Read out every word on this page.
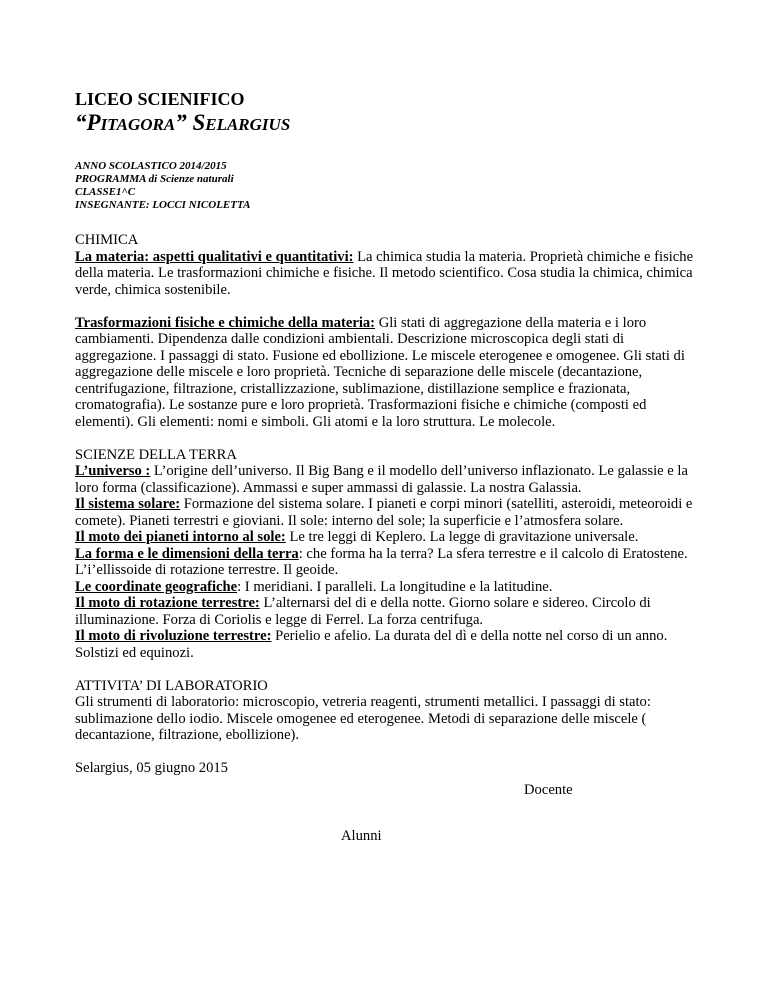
LICEO SCIENIFICO
“PITAGORA” SELARGIUS
ANNO SCOLASTICO 2014/2015
PROGRAMMA di Scienze naturali
CLASSE1^C
INSEGNANTE: LOCCI NICOLETTA
CHIMICA

La materia: aspetti qualitativi e quantitativi: La chimica studia la materia. Proprietà chimiche e fisiche della materia. Le trasformazioni chimiche e fisiche. Il metodo scientifico. Cosa studia la chimica, chimica verde, chimica sostenibile.

Trasformazioni fisiche e chimiche della materia: Gli stati di aggregazione della materia e i loro cambiamenti. Dipendenza dalle condizioni ambientali. Descrizione microscopica degli stati di aggregazione. I passaggi di stato. Fusione ed ebollizione. Le miscele eterogenee e omogenee. Gli stati di aggregazione delle miscele e loro proprietà. Tecniche di separazione delle miscele (decantazione, centrifugazione, filtrazione, cristallizzazione, sublimazione, distillazione semplice e frazionata, cromatografia). Le sostanze pure e loro proprietà. Trasformazioni fisiche e chimiche (composti ed elementi). Gli elementi: nomi e simboli. Gli atomi e la loro struttura. Le molecole.

SCIENZE DELLA TERRA

L’universo : L’origine dell’universo. Il Big Bang e il modello dell’universo inflazionato. Le galassie e la loro forma (classificazione). Ammassi e super ammassi di galassie. La nostra Galassia.

Il sistema solare: Formazione del sistema solare. I pianeti e corpi minori (satelliti, asteroidi, meteoroidi e comete). Pianeti terrestri e gioviani. Il sole: interno del sole; la superficie e l’atmosfera solare.

Il moto dei pianeti intorno al sole: Le tre leggi di Keplero. La legge di gravitazione universale.

La forma e le dimensioni della terra: che forma ha la terra? La sfera terrestre e il calcolo di Eratostene. L’i’ellissoide di rotazione terrestre. Il geoide.

Le coordinate geografiche: I meridiani. I paralleli. La longitudine e la latitudine.

Il moto di rotazione terrestre: L’alternarsi del di e della notte. Giorno solare e sidereo. Circolo di illuminazione. Forza di Coriolis e legge di Ferrel. La forza centrifuga.

Il moto di rivoluzione terrestre: Perielio e afelio. La durata del dì e della notte nel corso di un anno. Solstizi ed equinozi.

ATTIVITA’ DI LABORATORIO

Gli strumenti di laboratorio: microscopio, vetreria reagenti, strumenti metallici. I passaggi di stato: sublimazione dello iodio. Miscele omogenee ed eterogenee. Metodi di separazione delle miscele ( decantazione, filtrazione, ebollizione).

Selargius, 05 giugno 2015
Docente
Alunni
